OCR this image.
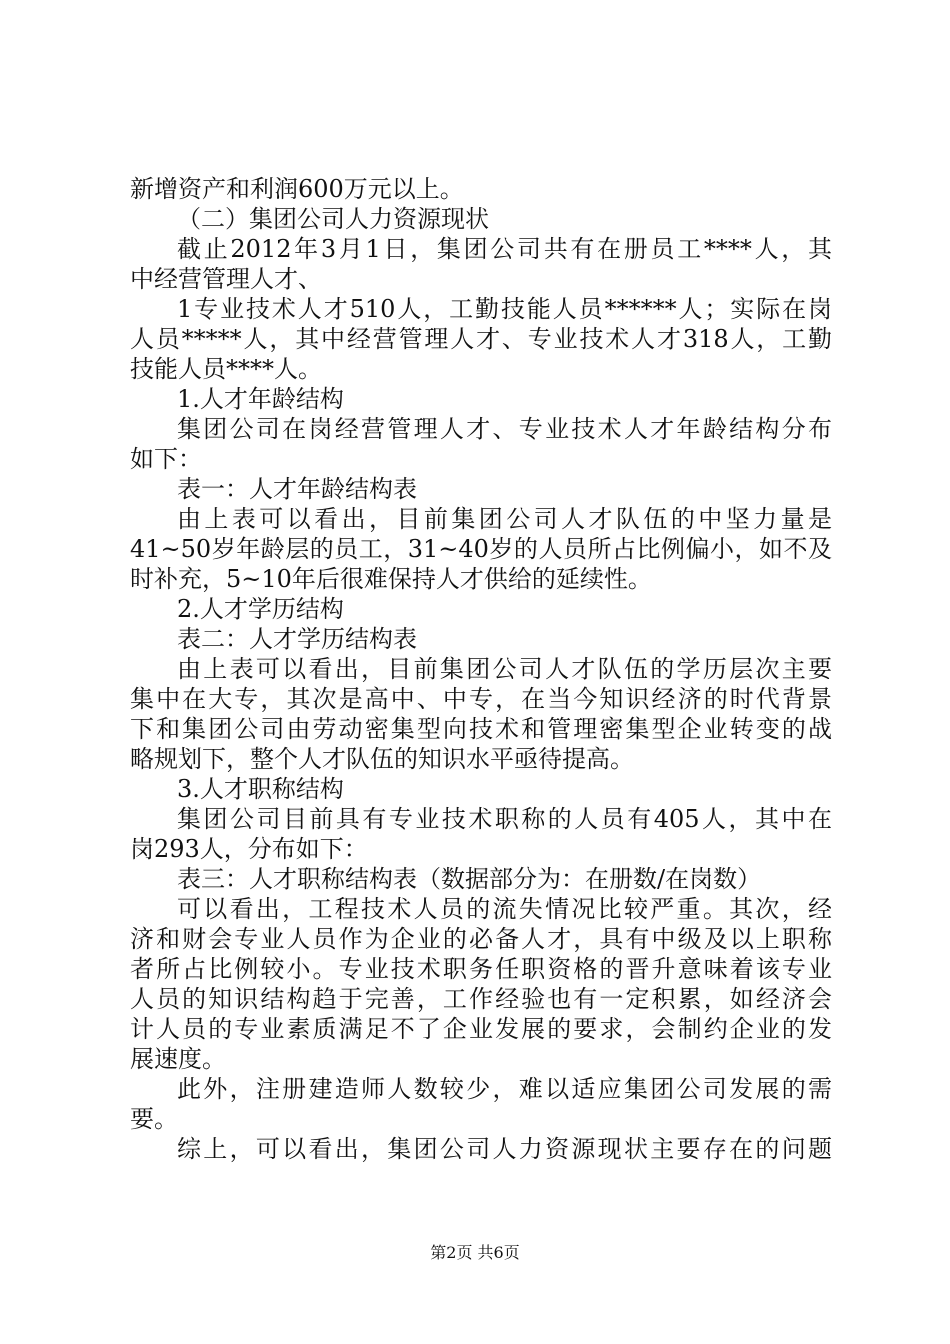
新增资产和利润600万元以上。
（二）集团公司人力资源现状
截止2012年3月1日，集团公司共有在册员工****人，其
中经营管理人才、
1专业技术人才510人，工勤技能人员******人；实际在岗
人员*****人，其中经营管理人才、专业技术人才318人，工勤
技能人员****人。
1.人才年龄结构
集团公司在岗经营管理人才、专业技术人才年龄结构分布
如下：
表一：人才年龄结构表
由上表可以看出，目前集团公司人才队伍的中坚力量是
41~50岁年龄层的员工，31~40岁的人员所占比例偏小，如不及
时补充，5~10年后很难保持人才供给的延续性。
2.人才学历结构
表二：人才学历结构表
由上表可以看出，目前集团公司人才队伍的学历层次主要
集中在大专，其次是高中、中专，在当今知识经济的时代背景
下和集团公司由劳动密集型向技术和管理密集型企业转变的战
略规划下，整个人才队伍的知识水平亟待提高。
3.人才职称结构
集团公司目前具有专业技术职称的人员有405人，其中在
岗293人，分布如下：
表三：人才职称结构表（数据部分为：在册数/在岗数）
可以看出，工程技术人员的流失情况比较严重。其次，经
济和财会专业人员作为企业的必备人才，具有中级及以上职称
者所占比例较小。专业技术职务任职资格的晋升意味着该专业
人员的知识结构趋于完善，工作经验也有一定积累，如经济会
计人员的专业素质满足不了企业发展的要求，会制约企业的发
展速度。
此外，注册建造师人数较少，难以适应集团公司发展的需
要。
综上，可以看出，集团公司人力资源现状主要存在的问题
第2页 共6页
